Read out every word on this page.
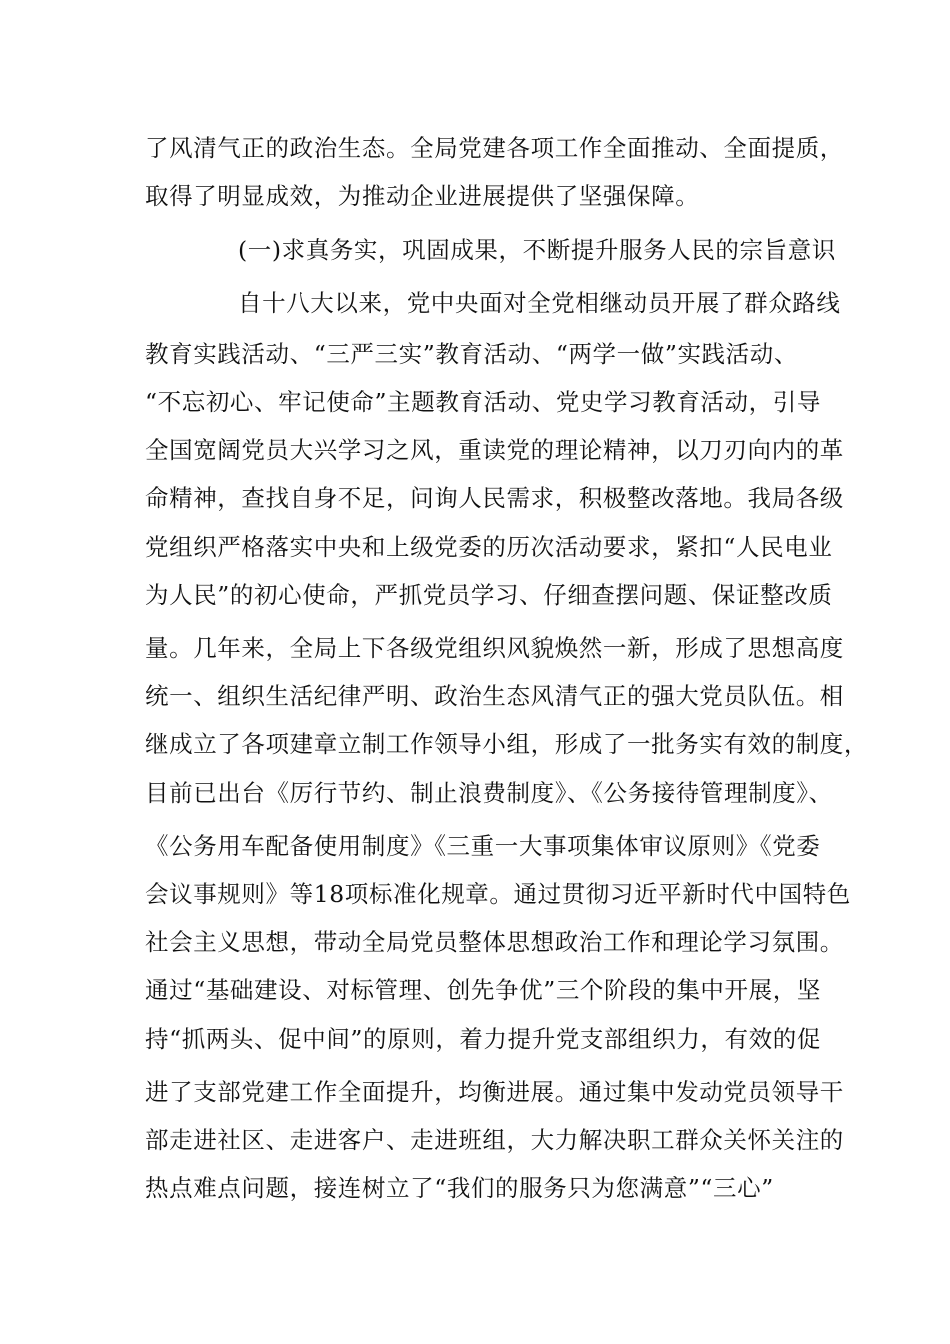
了风清气正的政治生态。全局党建各项工作全面推动、全面提质，
取得了明显成效，为推动企业进展提供了坚强保障。
(一)求真务实，巩固成果，不断提升服务人民的宗旨意识
自十八大以来，党中央面对全党相继动员开展了群众路线
教育实践活动、“三严三实”教育活动、“两学一做”实践活动、
“不忘初心、牢记使命”主题教育活动、党史学习教育活动，引导
全国宽阔党员大兴学习之风，重读党的理论精神，以刀刃向内的革
命精神，查找自身不足，问询人民需求，积极整改落地。我局各级
党组织严格落实中央和上级党委的历次活动要求，紧扣“人民电业
为人民”的初心使命，严抓党员学习、仔细查摆问题、保证整改质
量。几年来，全局上下各级党组织风貌焕然一新，形成了思想高度
统一、组织生活纪律严明、政治生态风清气正的强大党员队伍。相
继成立了各项建章立制工作领导小组，形成了一批务实有效的制度，
目前已出台《厉行节约、制止浪费制度》、《公务接待管理制度》、
《公务用车配备使用制度》《三重一大事项集体审议原则》《党委
会议事规则》等18项标准化规章。通过贯彻习近平新时代中国特色
社会主义思想，带动全局党员整体思想政治工作和理论学习氛围。
通过“基础建设、对标管理、创先争优”三个阶段的集中开展，坚
持“抓两头、促中间”的原则，着力提升党支部组织力，有效的促
进了支部党建工作全面提升，均衡进展。通过集中发动党员领导干
部走进社区、走进客户、走进班组，大力解决职工群众关怀关注的
热点难点问题，接连树立了“我们的服务只为您满意”“三心”
